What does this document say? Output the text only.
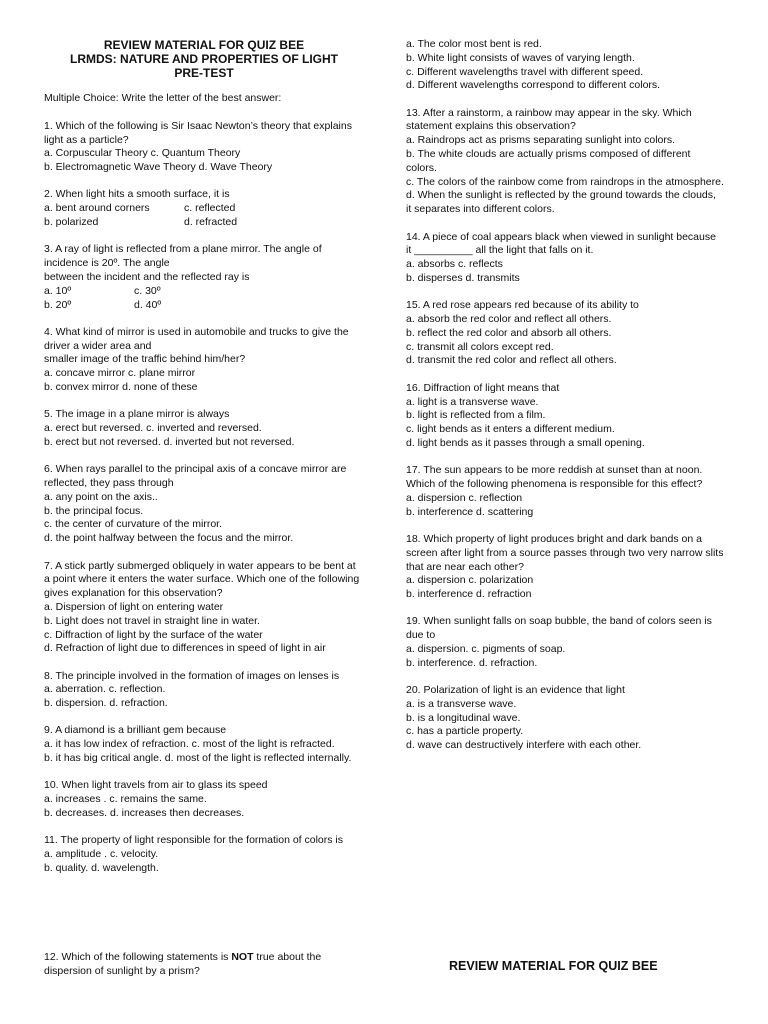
REVIEW MATERIAL FOR QUIZ BEE
LRMDS: NATURE AND PROPERTIES OF LIGHT
PRE-TEST
Multiple Choice: Write the letter of the best answer:
1. Which of the following is Sir Isaac Newton’s theory that explains light as a particle?
a. Corpuscular Theory c. Quantum Theory
b. Electromagnetic Wave Theory d. Wave Theory
2. When light hits a smooth surface, it is
a. bent around corners	c. reflected
b. polarized	d. refracted
3. A ray of light is reflected from a plane mirror. The angle of incidence is 20º. The angle
between the incident and the reflected ray is
a. 10º	c. 30º
b. 20º	d. 40º
4. What kind of mirror is used in automobile and trucks to give the driver a wider area and
smaller image of the traffic behind him/her?
a. concave mirror c. plane mirror
b. convex mirror d. none of these
5. The image in a plane mirror is always
a. erect but reversed. c. inverted and reversed.
b. erect but not reversed. d. inverted but not reversed.
6. When rays parallel to the principal axis of a concave mirror are reflected, they pass through
a. any point on the axis..
b. the principal focus.
c. the center of curvature of the mirror.
d. the point halfway between the focus and the mirror.
7. A stick partly submerged obliquely in water appears to be bent at a point where it enters the water surface. Which one of the following gives explanation for this observation?
a. Dispersion of light on entering water
b. Light does not travel in straight line in water.
c. Diffraction of light by the surface of the water
d. Refraction of light due to differences in speed of light in air
8. The principle involved in the formation of images on lenses is
a. aberration. c. reflection.
b. dispersion. d. refraction.
9. A diamond is a brilliant gem because
a. it has low index of refraction. c. most of the light is refracted.
b. it has big critical angle. d. most of the light is reflected internally.
10. When light travels from air to glass its speed
a. increases . c. remains the same.
b. decreases. d. increases then decreases.
11. The property of light responsible for the formation of colors is
a. amplitude . c. velocity.
b. quality. d. wavelength.
12. Which of the following statements is NOT true about the dispersion of sunlight by a prism?
a. The color most bent is red.
b. White light consists of waves of varying length.
c. Different wavelengths travel with different speed.
d. Different wavelengths correspond to different colors.
13. After a rainstorm, a rainbow may appear in the sky. Which statement explains this observation?
a. Raindrops act as prisms separating sunlight into colors.
b. The white clouds are actually prisms composed of different colors.
c. The colors of the rainbow come from raindrops in the atmosphere.
d. When the sunlight is reflected by the ground towards the clouds, it separates into different colors.
14. A piece of coal appears black when viewed in sunlight because it __________ all the light that falls on it.
a. absorbs c. reflects
b. disperses d. transmits
15. A red rose appears red because of its ability to
a. absorb the red color and reflect all others.
b. reflect the red color and absorb all others.
c. transmit all colors except red.
d. transmit the red color and reflect all others.
16. Diffraction of light means that
a. light is a transverse wave.
b. light is reflected from a film.
c. light bends as it enters a different medium.
d. light bends as it passes through a small opening.
17. The sun appears to be more reddish at sunset than at noon. Which of the following phenomena is responsible for this effect?
a. dispersion c. reflection
b. interference d. scattering
18. Which property of light produces bright and dark bands on a screen after light from a source passes through two very narrow slits that are near each other?
a. dispersion c. polarization
b. interference d. refraction
19. When sunlight falls on soap bubble, the band of colors seen is due to
a. dispersion. c. pigments of soap.
b. interference. d. refraction.
20. Polarization of light is an evidence that light
a. is a transverse wave.
b. is a longitudinal wave.
c. has a particle property.
d. wave can destructively interfere with each other.
REVIEW MATERIAL FOR QUIZ BEE
